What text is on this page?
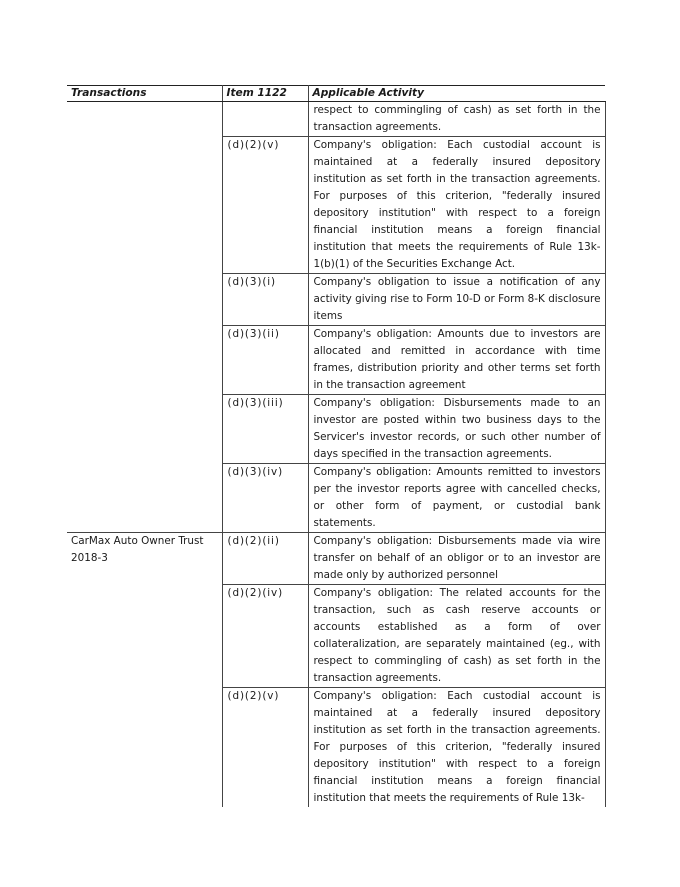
Transactions	Item 1122	Applicable Activity
		respect to commingling of cash) as set forth in the transaction agreements.
	(d)(2)(v)	Company's obligation: Each custodial account is maintained at a federally insured depository institution as set forth in the transaction agreements. For purposes of this criterion, "federally insured depository institution" with respect to a foreign financial institution means a foreign financial institution that meets the requirements of Rule 13k-1(b)(1) of the Securities Exchange Act.
	(d)(3)(i)	Company's obligation to issue a notification of any activity giving rise to Form 10-D or Form 8-K disclosure items
	(d)(3)(ii)	Company's obligation: Amounts due to investors are allocated and remitted in accordance with time frames, distribution priority and other terms set forth in the transaction agreement
	(d)(3)(iii)	Company's obligation: Disbursements made to an investor are posted within two business days to the Servicer's investor records, or such other number of days specified in the transaction agreements.
	(d)(3)(iv)	Company's obligation: Amounts remitted to investors per the investor reports agree with cancelled checks, or other form of payment, or custodial bank statements.
CarMax Auto Owner Trust 2018-3	(d)(2)(ii)	Company's obligation: Disbursements made via wire transfer on behalf of an obligor or to an investor are made only by authorized personnel
	(d)(2)(iv)	Company's obligation: The related accounts for the transaction, such as cash reserve accounts or accounts established as a form of over collateralization, are separately maintained (eg., with respect to commingling of cash) as set forth in the transaction agreements.
	(d)(2)(v)	Company's obligation: Each custodial account is maintained at a federally insured depository institution as set forth in the transaction agreements. For purposes of this criterion, "federally insured depository institution" with respect to a foreign financial institution means a foreign financial institution that meets the requirements of Rule 13k-
